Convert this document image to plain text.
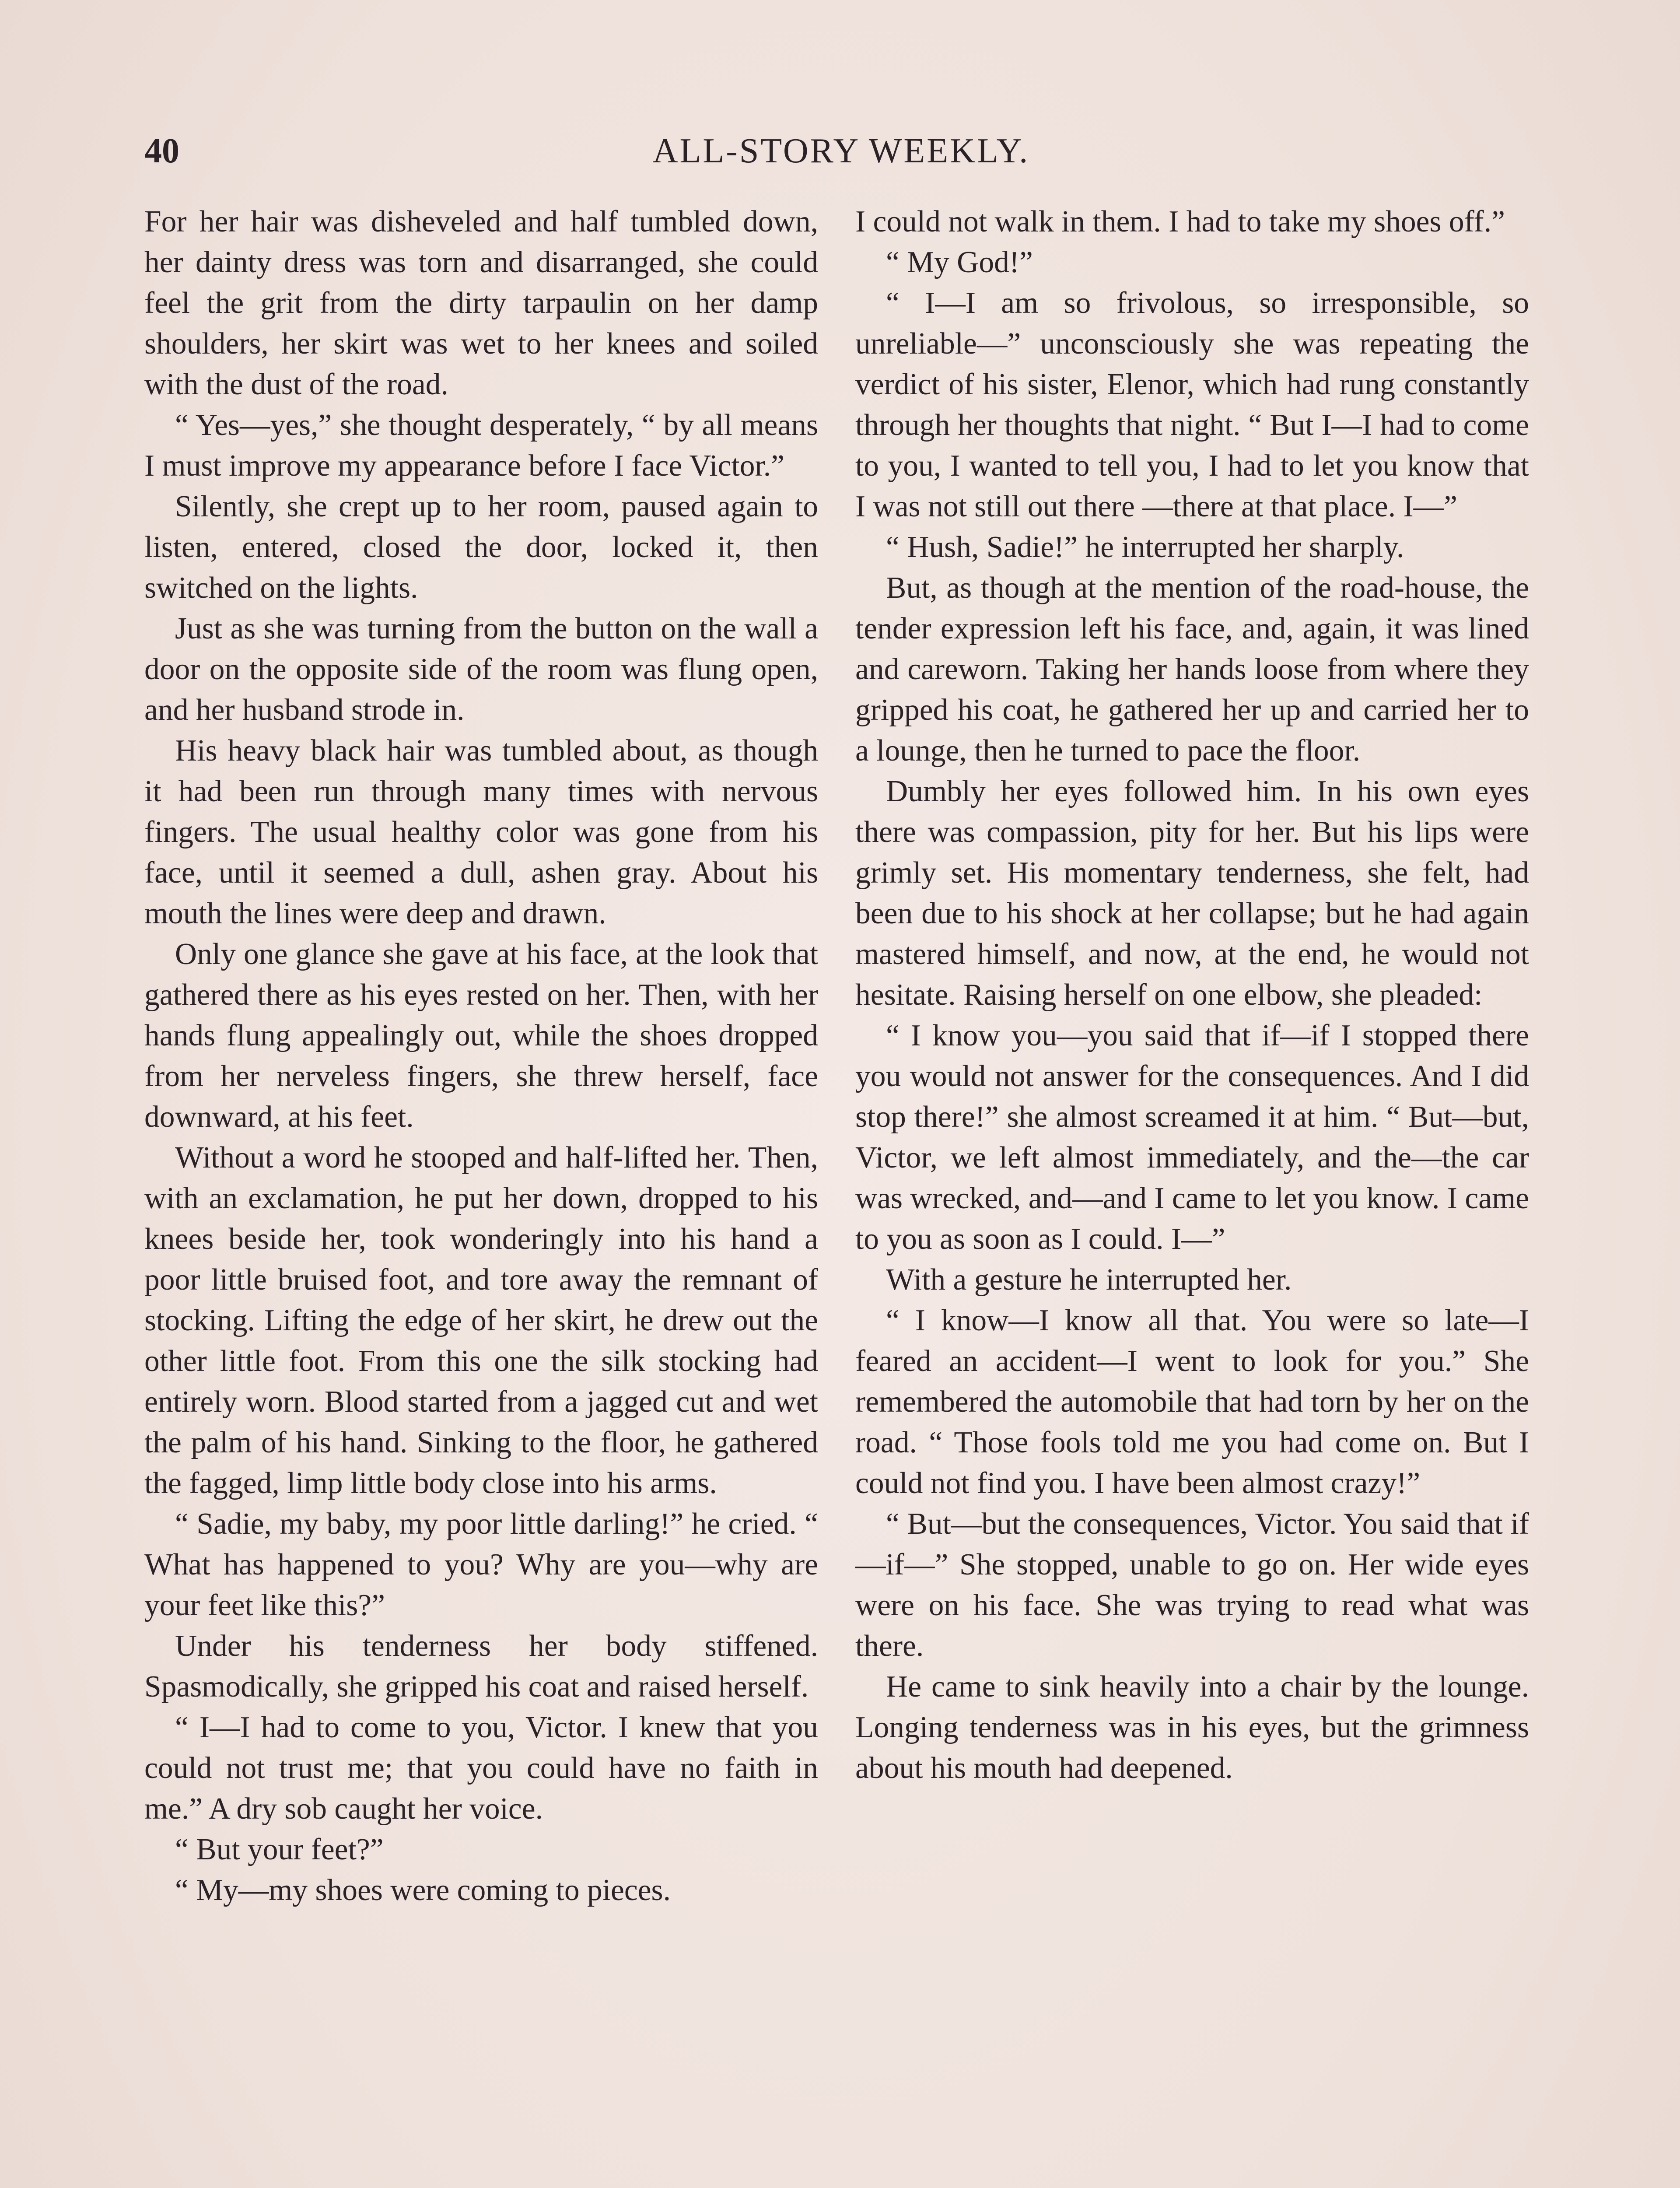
40	ALL-STORY WEEKLY.

For her hair was disheveled and half tumbled down, her dainty dress was torn and disarranged, she could feel the grit from the dirty tarpaulin on her damp shoulders, her skirt was wet to her knees and soiled with the dust of the road.

“ Yes—yes,” she thought desperately, “ by all means I must improve my appearance before I face Victor.”

Silently, she crept up to her room, paused again to listen, entered, closed the door, locked it, then switched on the lights.

Just as she was turning from the button on the wall a door on the opposite side of the room was flung open, and her husband strode in.

His heavy black hair was tumbled about, as though it had been run through many times with nervous fingers. The usual healthy color was gone from his face, until it seemed a dull, ashen gray. About his mouth the lines were deep and drawn.

Only one glance she gave at his face, at the look that gathered there as his eyes rested on her. Then, with her hands flung appealingly out, while the shoes dropped from her nerveless fingers, she threw herself, face downward, at his feet.

Without a word he stooped and half-lifted her. Then, with an exclamation, he put her down, dropped to his knees beside her, took wonderingly into his hand a poor little bruised foot, and tore away the remnant of stocking. Lifting the edge of her skirt, he drew out the other little foot. From this one the silk stocking had entirely worn. Blood started from a jagged cut and wet the palm of his hand. Sinking to the floor, he gathered the fagged, limp little body close into his arms.

“ Sadie, my baby, my poor little darling!” he cried. “ What has happened to you? Why are you—why are your feet like this?”

Under his tenderness her body stiffened. Spasmodically, she gripped his coat and raised herself.

“ I—I had to come to you, Victor. I knew that you could not trust me; that you could have no faith in me.” A dry sob caught her voice.

“ But your feet?”

“ My—my shoes were coming to pieces.

I could not walk in them. I had to take my shoes off.”

“ My God!”

“ I—I am so frivolous, so irresponsible, so unreliable—” unconsciously she was repeating the verdict of his sister, Elenor, which had rung constantly through her thoughts that night. “ But I—I had to come to you, I wanted to tell you, I had to let you know that I was not still out there —there at that place. I—”

“ Hush, Sadie!” he interrupted her sharply.

But, as though at the mention of the road-house, the tender expression left his face, and, again, it was lined and careworn. Taking her hands loose from where they gripped his coat, he gathered her up and carried her to a lounge, then he turned to pace the floor.

Dumbly her eyes followed him. In his own eyes there was compassion, pity for her. But his lips were grimly set. His momentary tenderness, she felt, had been due to his shock at her collapse; but he had again mastered himself, and now, at the end, he would not hesitate. Raising herself on one elbow, she pleaded:

“ I know you—you said that if—if I stopped there you would not answer for the consequences. And I did stop there!” she almost screamed it at him. “ But—but, Victor, we left almost immediately, and the—the car was wrecked, and—and I came to let you know. I came to you as soon as I could. I—”

With a gesture he interrupted her.

“ I know—I know all that. You were so late—I feared an accident—I went to look for you.” She remembered the automobile that had torn by her on the road. “ Those fools told me you had come on. But I could not find you. I have been almost crazy!”

“ But—but the consequences, Victor. You said that if—if—” She stopped, unable to go on. Her wide eyes were on his face. She was trying to read what was there.

He came to sink heavily into a chair by the lounge. Longing tenderness was in his eyes, but the grimness about his mouth had deepened.
